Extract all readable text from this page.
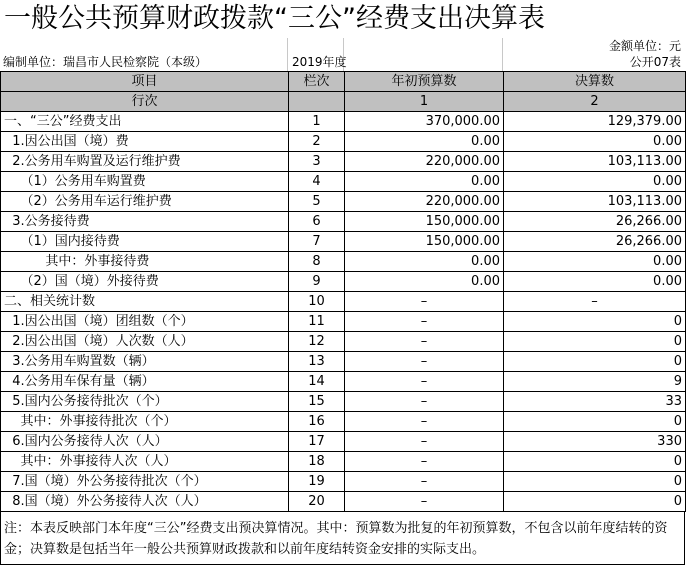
一般公共预算财政拨款“三公”经费支出决算表
金额单位：元
编制单位：瑞昌市人民检察院（本级）	2019年度	公开07表
项目	栏次	年初预算数	决算数
行次		1	2
一、“三公”经费支出	1	370,000.00	129,379.00
1.因公出国（境）费	2	0.00	0.00
2.公务用车购置及运行维护费	3	220,000.00	103,113.00
（1）公务用车购置费	4	0.00	0.00
（2）公务用车运行维护费	5	220,000.00	103,113.00
3.公务接待费	6	150,000.00	26,266.00
（1）国内接待费	7	150,000.00	26,266.00
其中：外事接待费	8	0.00	0.00
（2）国（境）外接待费	9	0.00	0.00
二、相关统计数	10	–	–
1.因公出国（境）团组数（个）	11	–	0
2.因公出国（境）人次数（人）	12	–	0
3.公务用车购置数（辆）	13	–	0
4.公务用车保有量（辆）	14	–	9
5.国内公务接待批次（个）	15	–	33
其中：外事接待批次（个）	16	–	0
6.国内公务接待人次（人）	17	–	330
其中：外事接待人次（人）	18	–	0
7.国（境）外公务接待批次（个）	19	–	0
8.国（境）外公务接待人次（人）	20	–	0
注：本表反映部门本年度“三公”经费支出预决算情况。其中：预算数为批复的年初预算数，不包含以前年度结转的资金；决算数是包括当年一般公共预算财政拨款和以前年度结转资金安排的实际支出。
